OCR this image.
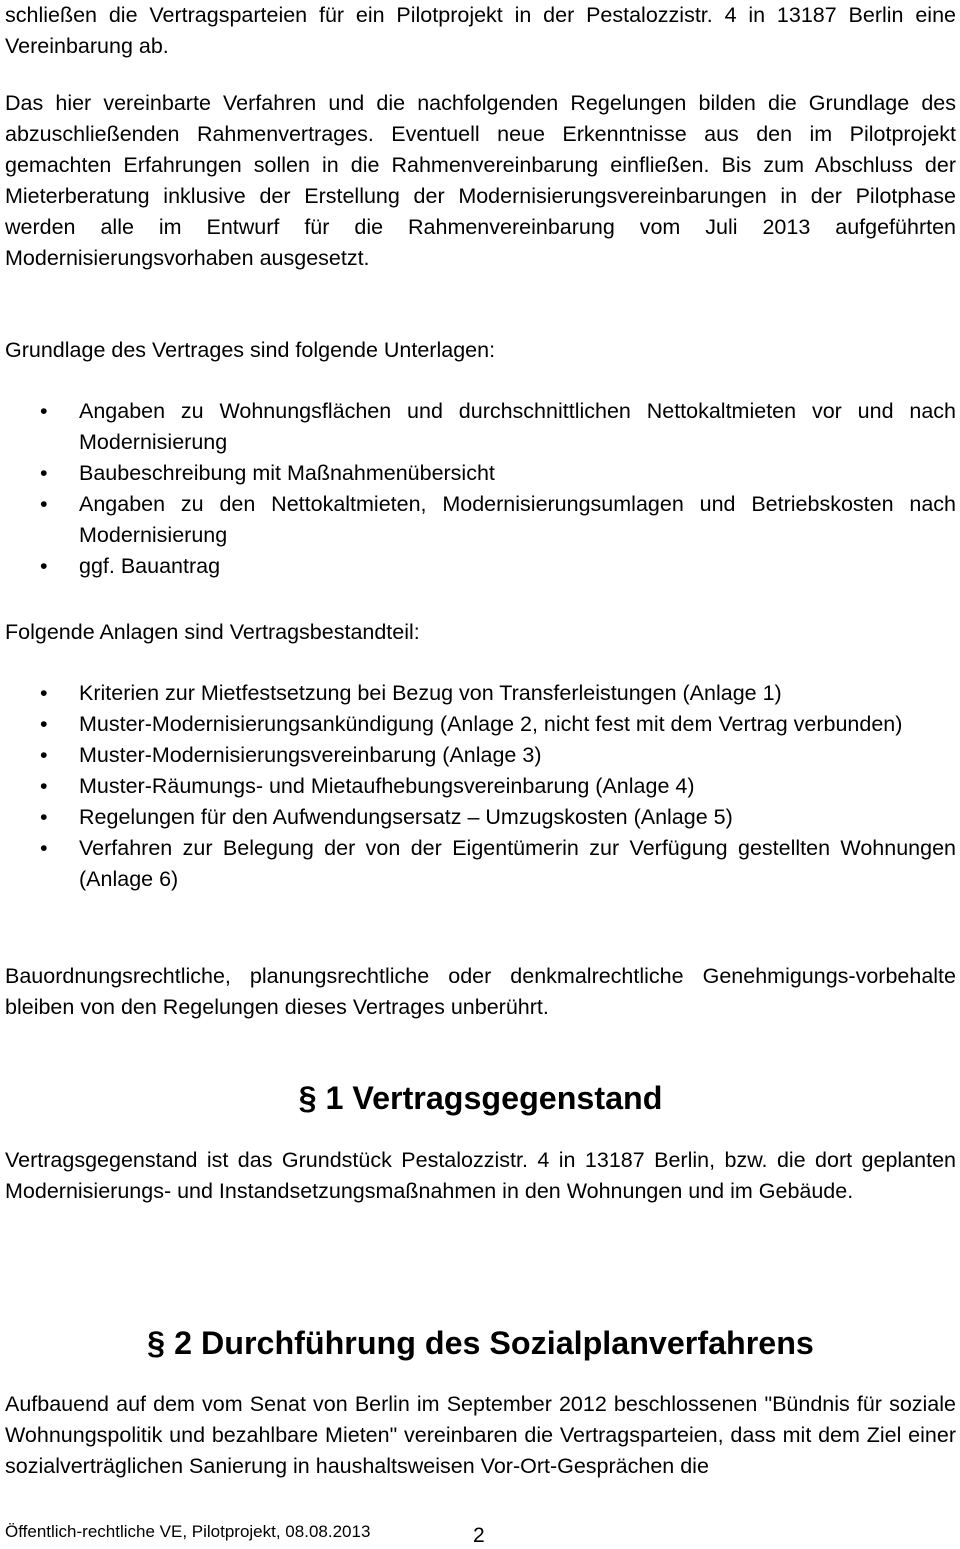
schließen die Vertragsparteien für ein Pilotprojekt in der Pestalozzistr. 4 in 13187 Berlin eine Vereinbarung ab.

Das hier vereinbarte Verfahren und die nachfolgenden Regelungen bilden die Grundlage des abzuschließenden Rahmenvertrages. Eventuell neue Erkenntnisse aus den im Pilotprojekt gemachten Erfahrungen sollen in die Rahmenvereinbarung einfließen. Bis zum Abschluss der Mieterberatung inklusive der Erstellung der Modernisierungsvereinbarungen in der Pilotphase werden alle im Entwurf für die Rahmenvereinbarung vom Juli 2013 aufgeführten Modernisierungsvorhaben ausgesetzt.

Grundlage des Vertrages sind folgende Unterlagen:

• Angaben zu Wohnungsflächen und durchschnittlichen Nettokaltmieten vor und nach Modernisierung
• Baubeschreibung mit Maßnahmenübersicht
• Angaben zu den Nettokaltmieten, Modernisierungsumlagen und Betriebskosten nach Modernisierung
• ggf. Bauantrag

Folgende Anlagen sind Vertragsbestandteil:

• Kriterien zur Mietfestsetzung bei Bezug von Transferleistungen (Anlage 1)
• Muster-Modernisierungsankündigung (Anlage 2, nicht fest mit dem Vertrag verbunden)
• Muster-Modernisierungsvereinbarung (Anlage 3)
• Muster-Räumungs- und Mietaufhebungsvereinbarung (Anlage 4)
• Regelungen für den Aufwendungsersatz – Umzugskosten (Anlage 5)
• Verfahren zur Belegung der von der Eigentümerin zur Verfügung gestellten Wohnungen (Anlage 6)

Bauordnungsrechtliche, planungsrechtliche oder denkmalrechtliche Genehmigungs-vorbehalte bleiben von den Regelungen dieses Vertrages unberührt.

§ 1 Vertragsgegenstand

Vertragsgegenstand ist das Grundstück Pestalozzistr. 4 in 13187 Berlin, bzw. die dort geplanten Modernisierungs- und Instandsetzungsmaßnahmen in den Wohnungen und im Gebäude.

§ 2 Durchführung des Sozialplanverfahrens

Aufbauend auf dem vom Senat von Berlin im September 2012 beschlossenen "Bündnis für soziale Wohnungspolitik und bezahlbare Mieten" vereinbaren die Vertragsparteien, dass mit dem Ziel einer sozialverträglichen Sanierung in haushaltsweisen Vor-Ort-Gesprächen die

Öffentlich-rechtliche VE, Pilotprojekt, 08.08.2013	2
